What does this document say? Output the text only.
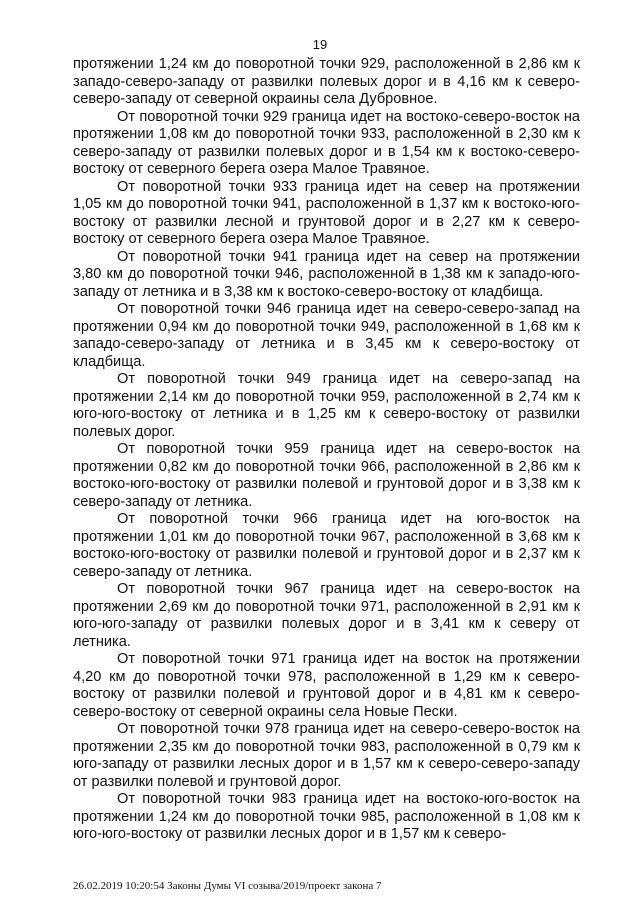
19

протяжении 1,24 км до поворотной точки 929, расположенной в 2,86 км к западо-северо-западу от развилки полевых дорог и в 4,16 км к северо-северо-западу от северной окраины села Дубровное.

От поворотной точки 929 граница идет на востоко-северо-восток на протяжении 1,08 км до поворотной точки 933, расположенной в 2,30 км к северо-западу от развилки полевых дорог и в 1,54 км к востоко-северо-востоку от северного берега озера Малое Травяное.

От поворотной точки 933 граница идет на север на протяжении 1,05 км до поворотной точки 941, расположенной в 1,37 км к востоко-юго-востоку от развилки лесной и грунтовой дорог и в 2,27 км к северо-востоку от северного берега озера Малое Травяное.

От поворотной точки 941 граница идет на север на протяжении 3,80 км до поворотной точки 946, расположенной в 1,38 км к западо-юго-западу от летника и в 3,38 км к востоко-северо-востоку от кладбища.

От поворотной точки 946 граница идет на северо-северо-запад на протяжении 0,94 км до поворотной точки 949, расположенной в 1,68 км к западо-северо-западу от летника и в 3,45 км к северо-востоку от кладбища.

От поворотной точки 949 граница идет на северо-запад на протяжении 2,14 км до поворотной точки 959, расположенной в 2,74 км к юго-юго-востоку от летника и в 1,25 км к северо-востоку от развилки полевых дорог.

От поворотной точки 959 граница идет на северо-восток на протяжении 0,82 км до поворотной точки 966, расположенной в 2,86 км к востоко-юго-востоку от развилки полевой и грунтовой дорог и в 3,38 км к северо-западу от летника.

От поворотной точки 966 граница идет на юго-восток на протяжении 1,01 км до поворотной точки 967, расположенной в 3,68 км к востоко-юго-востоку от развилки полевой и грунтовой дорог и в 2,37 км к северо-западу от летника.

От поворотной точки 967 граница идет на северо-восток на протяжении 2,69 км до поворотной точки 971, расположенной в 2,91 км к юго-юго-западу от развилки полевых дорог и в 3,41 км к северу от летника.

От поворотной точки 971 граница идет на восток на протяжении 4,20 км до поворотной точки 978, расположенной в 1,29 км к северо-востоку от развилки полевой и грунтовой дорог и в 4,81 км к северо-северо-востоку от северной окраины села Новые Пески.

От поворотной точки 978 граница идет на северо-северо-восток на протяжении 2,35 км до поворотной точки 983, расположенной в 0,79 км к юго-западу от развилки лесных дорог и в 1,57 км к северо-северо-западу от развилки полевой и грунтовой дорог.

От поворотной точки 983 граница идет на востоко-юго-восток на протяжении 1,24 км до поворотной точки 985, расположенной в 1,08 км к юго-юго-востоку от развилки лесных дорог и в 1,57 км к северо-

26.02.2019 10:20:54 Законы Думы VI созыва/2019/проект закона 7
